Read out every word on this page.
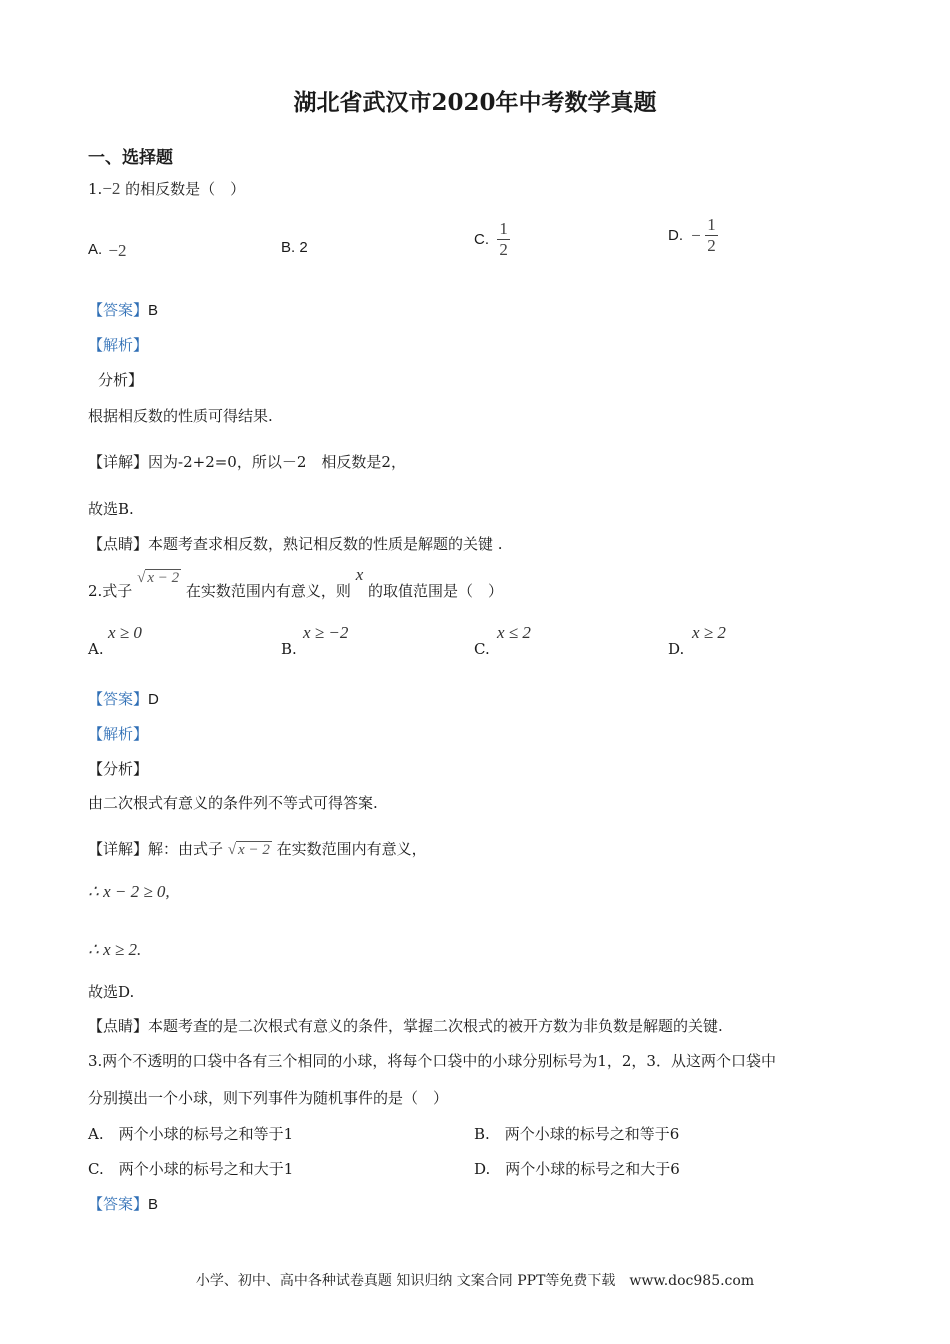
湖北省武汉市2020年中考数学真题
一、选择题
1.−2 的相反数是（　）
A. −2	B. 2	C. $\frac{1}{2}$	D. − $\frac{1}{2}$
【答案】B
【解析】
分析】
根据相反数的性质可得结果.
【详解】因为-2+2=0，所以－2　相反数是2，
故选B.
【点睛】本题考查求相反数，熟记相反数的性质是解题的关键 .
2.式子 √ x − 2 在实数范围内有意义，则 x 的取值范围是（　）
A.
x ≥ 0
B.
x ≥ −2
C.
x ≤ 2
D.
x ≥ 2
【答案】D
【解析】
【分析】
由二次根式有意义的条件列不等式可得答案.
【详解】解：由式子 √ x − 2 在实数范围内有意义，
∴ x − 2 ≥ 0,
∴ x ≥ 2.
故选D.
【点睛】本题考查的是二次根式有意义的条件，掌握二次根式的被开方数为非负数是解题的关键.
3.两个不透明的口袋中各有三个相同的小球，将每个口袋中的小球分别标号为1，2，3．从这两个口袋中
分别摸出一个小球，则下列事件为随机事件的是（　）
A.　两个小球的标号之和等于1	B.　两个小球的标号之和等于6
C.　两个小球的标号之和大于1	D.　两个小球的标号之和大于6
【答案】B
小学、初中、高中各种试卷真题 知识归纳 文案合同 PPT等免费下载　www.doc985.com
